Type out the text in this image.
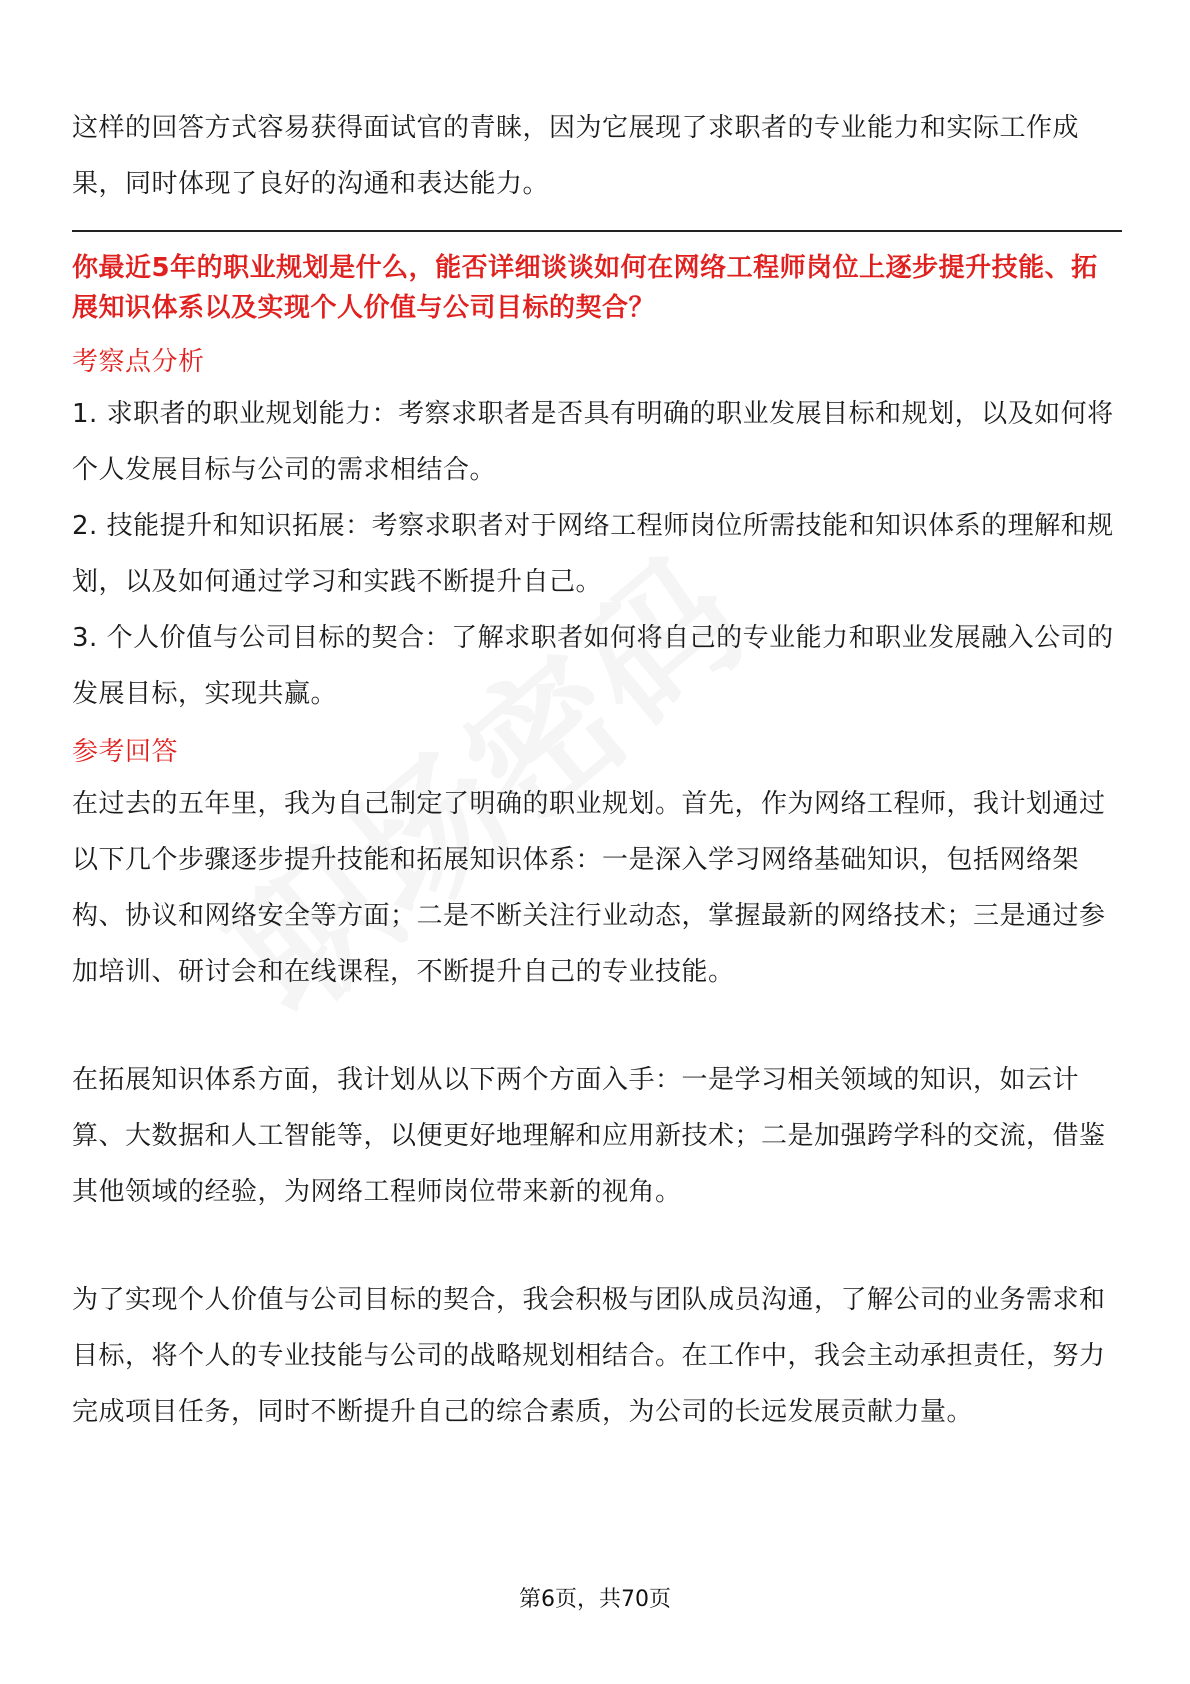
这样的回答方式容易获得面试官的青睐，因为它展现了求职者的专业能力和实际工作成果，同时体现了良好的沟通和表达能力。

你最近5年的职业规划是什么，能否详细谈谈如何在网络工程师岗位上逐步提升技能、拓展知识体系以及实现个人价值与公司目标的契合？

考察点分析

1. 求职者的职业规划能力：考察求职者是否具有明确的职业发展目标和规划，以及如何将个人发展目标与公司的需求相结合。

2. 技能提升和知识拓展：考察求职者对于网络工程师岗位所需技能和知识体系的理解和规划，以及如何通过学习和实践不断提升自己。

3. 个人价值与公司目标的契合：了解求职者如何将自己的专业能力和职业发展融入公司的发展目标，实现共赢。

参考回答

在过去的五年里，我为自己制定了明确的职业规划。首先，作为网络工程师，我计划通过以下几个步骤逐步提升技能和拓展知识体系：一是深入学习网络基础知识，包括网络架构、协议和网络安全等方面；二是不断关注行业动态，掌握最新的网络技术；三是通过参加培训、研讨会和在线课程，不断提升自己的专业技能。

在拓展知识体系方面，我计划从以下两个方面入手：一是学习相关领域的知识，如云计算、大数据和人工智能等，以便更好地理解和应用新技术；二是加强跨学科的交流，借鉴其他领域的经验，为网络工程师岗位带来新的视角。

为了实现个人价值与公司目标的契合，我会积极与团队成员沟通，了解公司的业务需求和目标，将个人的专业技能与公司的战略规划相结合。在工作中，我会主动承担责任，努力完成项目任务，同时不断提升自己的综合素质，为公司的长远发展贡献力量。

第6页，共70页
